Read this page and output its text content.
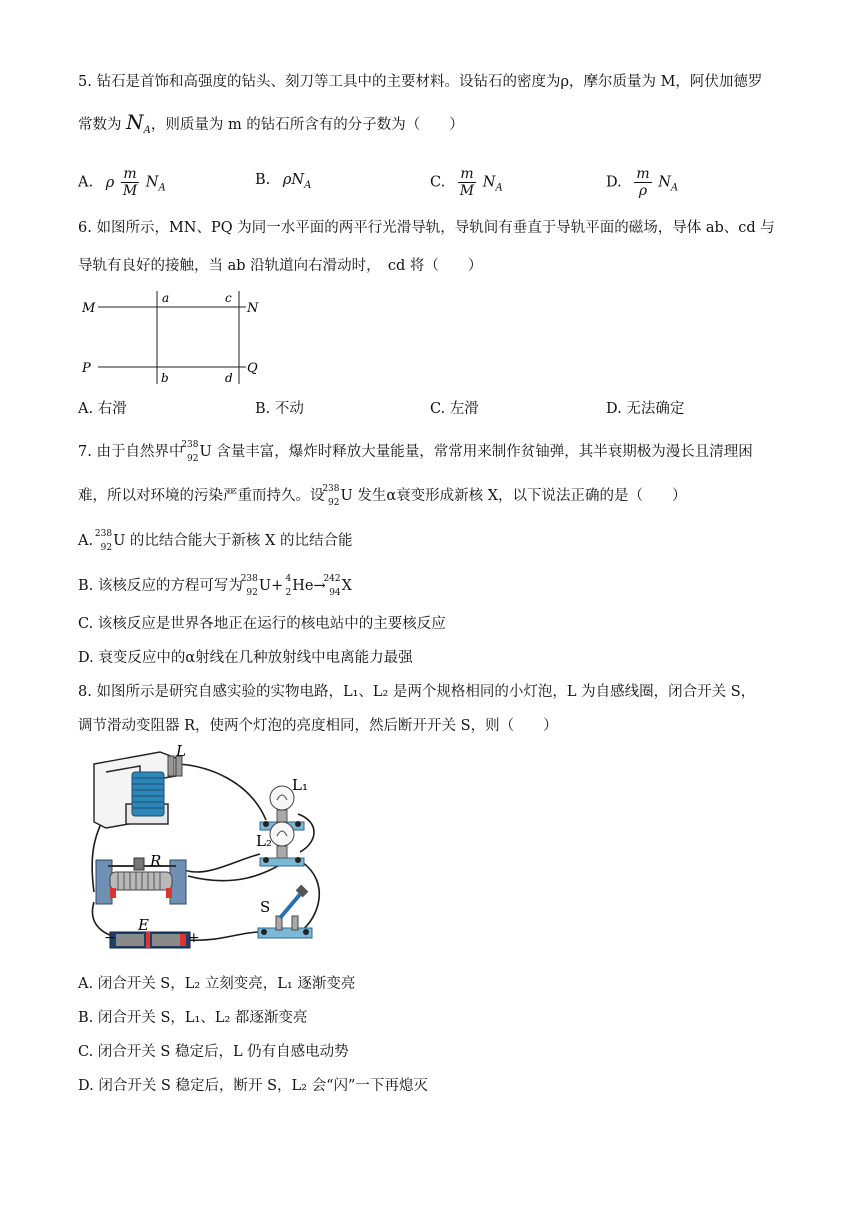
5. 钻石是首饰和高强度的钻头、刻刀等工具中的主要材料。设钻石的密度为ρ，摩尔质量为 M，阿伏加德罗
常数为 $N_A$，则质量为 m 的钻石所含有的分子数为（　　）
A. ρ $\frac{m}{M} N_A$	B. $\rho N_A$	C. $\frac{m}{M} N_A$	D. $\frac{m}{\rho} N_A$
6. 如图所示，MN、PQ 为同一水平面的两平行光滑导轨，导轨间有垂直于导轨平面的磁场，导体 ab、cd 与
导轨有良好的接触，当 ab 沿轨道向右滑动时，　cd 将（　　）
M	N
P	Q
a	c
b	d
A. 右滑	B. 不动	C. 左滑	D. 无法确定
7. 由于自然界中
238
92 U 含量丰富，爆炸时释放大量能量，常常用来制作贫铀弹，其半衰期极为漫长且清理困
难，所以对环境的污染严重而持久。设
238
92 U 发生α衰变形成新核 X，以下说法正确的是（　　）
A. 238
92 U 的比结合能大于新核 X 的比结合能
B. 该核反应的方程可写为
238
92 U+ 4
2 He→
242
94 X
C. 该核反应是世界各地正在运行的核电站中的主要核反应
D. 衰变反应中的α射线在几种放射线中电离能力最强
8. 如图所示是研究自感实验的实物电路，L₁、L₂ 是两个规格相同的小灯泡，L 为自感线圈，闭合开关 S，
调节滑动变阻器 R，使两个灯泡的亮度相同，然后断开开关 S，则（　　）
L
L₁
L₂
R
E
−	+
S
A. 闭合开关 S，L₂ 立刻变亮，L₁ 逐渐变亮
B. 闭合开关 S，L₁、L₂ 都逐渐变亮
C. 闭合开关 S 稳定后，L 仍有自感电动势
D. 闭合开关 S 稳定后，断开 S，L₂ 会“闪”一下再熄灭
